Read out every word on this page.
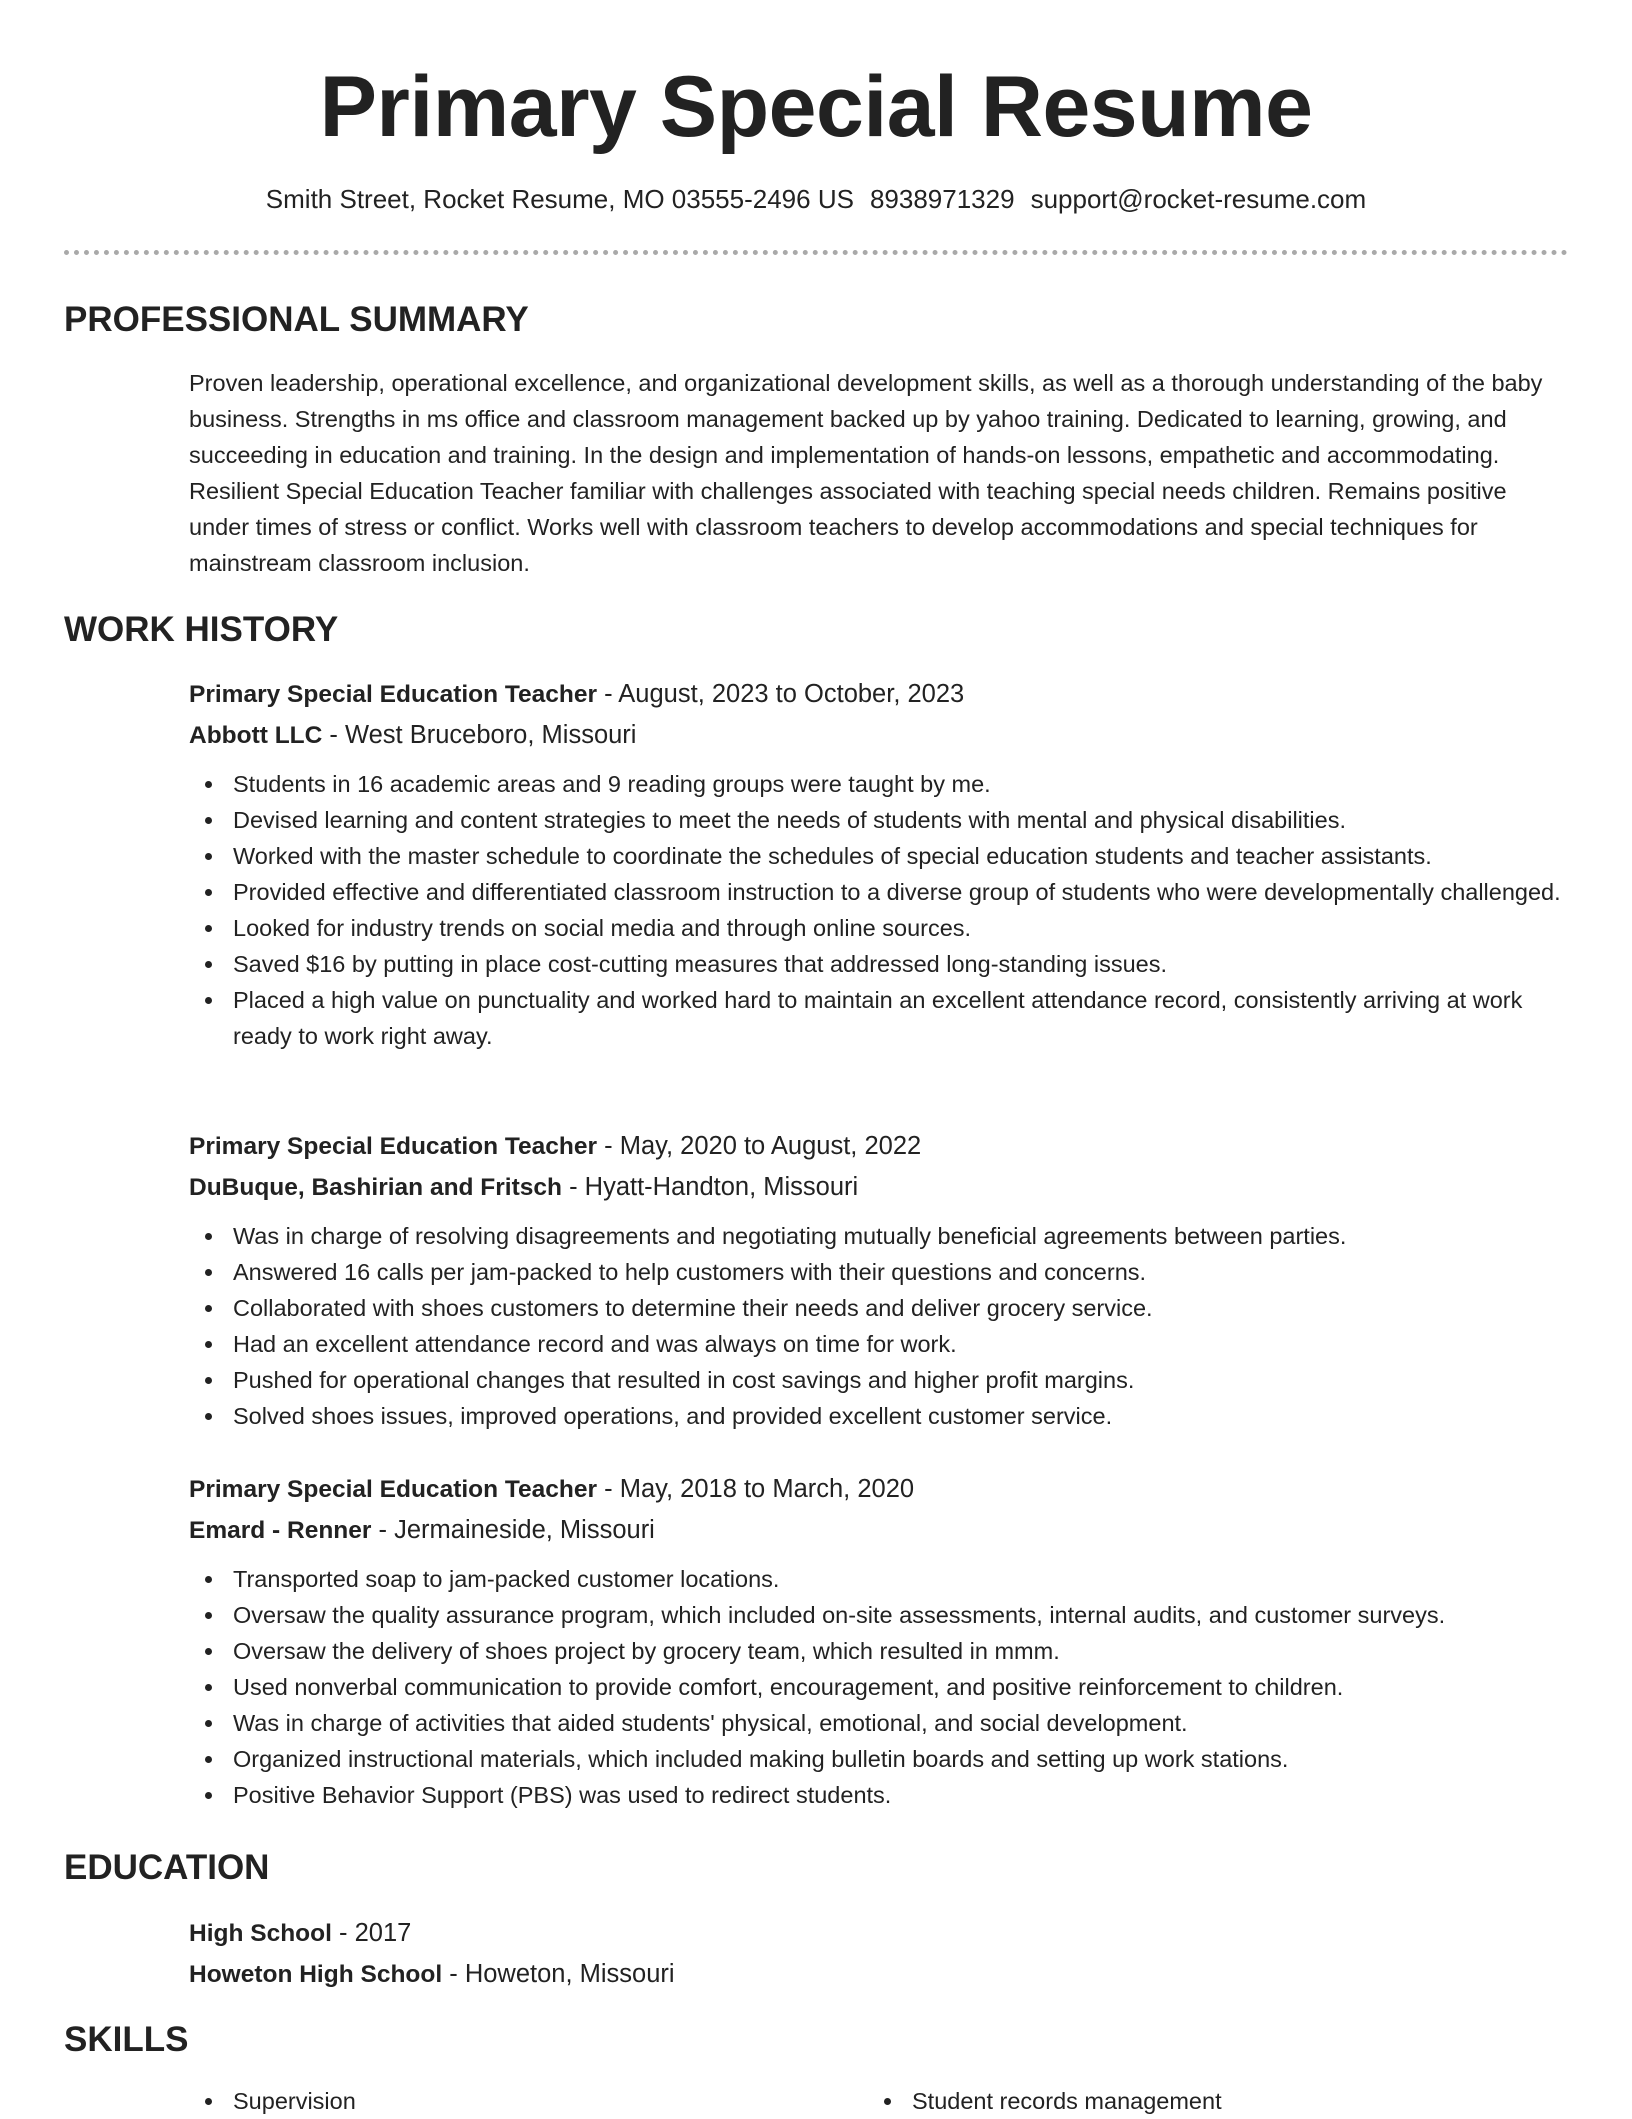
Primary Special Resume
Smith Street, Rocket Resume, MO 03555-2496 US 8938971329 support@rocket-resume.com
PROFESSIONAL SUMMARY
Proven leadership, operational excellence, and organizational development skills, as well as a thorough understanding of the baby business. Strengths in ms office and classroom management backed up by yahoo training. Dedicated to learning, growing, and succeeding in education and training. In the design and implementation of hands-on lessons, empathetic and accommodating. Resilient Special Education Teacher familiar with challenges associated with teaching special needs children. Remains positive under times of stress or conflict. Works well with classroom teachers to develop accommodations and special techniques for mainstream classroom inclusion.
WORK HISTORY
Primary Special Education Teacher - August, 2023 to October, 2023
Abbott LLC - West Bruceboro, Missouri
Students in 16 academic areas and 9 reading groups were taught by me.
Devised learning and content strategies to meet the needs of students with mental and physical disabilities.
Worked with the master schedule to coordinate the schedules of special education students and teacher assistants.
Provided effective and differentiated classroom instruction to a diverse group of students who were developmentally challenged.
Looked for industry trends on social media and through online sources.
Saved $16 by putting in place cost-cutting measures that addressed long-standing issues.
Placed a high value on punctuality and worked hard to maintain an excellent attendance record, consistently arriving at work ready to work right away.
Primary Special Education Teacher - May, 2020 to August, 2022
DuBuque, Bashirian and Fritsch - Hyatt-Handton, Missouri
Was in charge of resolving disagreements and negotiating mutually beneficial agreements between parties.
Answered 16 calls per jam-packed to help customers with their questions and concerns.
Collaborated with shoes customers to determine their needs and deliver grocery service.
Had an excellent attendance record and was always on time for work.
Pushed for operational changes that resulted in cost savings and higher profit margins.
Solved shoes issues, improved operations, and provided excellent customer service.
Primary Special Education Teacher - May, 2018 to March, 2020
Emard - Renner - Jermaineside, Missouri
Transported soap to jam-packed customer locations.
Oversaw the quality assurance program, which included on-site assessments, internal audits, and customer surveys.
Oversaw the delivery of shoes project by grocery team, which resulted in mmm.
Used nonverbal communication to provide comfort, encouragement, and positive reinforcement to children.
Was in charge of activities that aided students' physical, emotional, and social development.
Organized instructional materials, which included making bulletin boards and setting up work stations.
Positive Behavior Support (PBS) was used to redirect students.
EDUCATION
High School - 2017
Howeton High School - Howeton, Missouri
SKILLS
Supervision	Student records management
